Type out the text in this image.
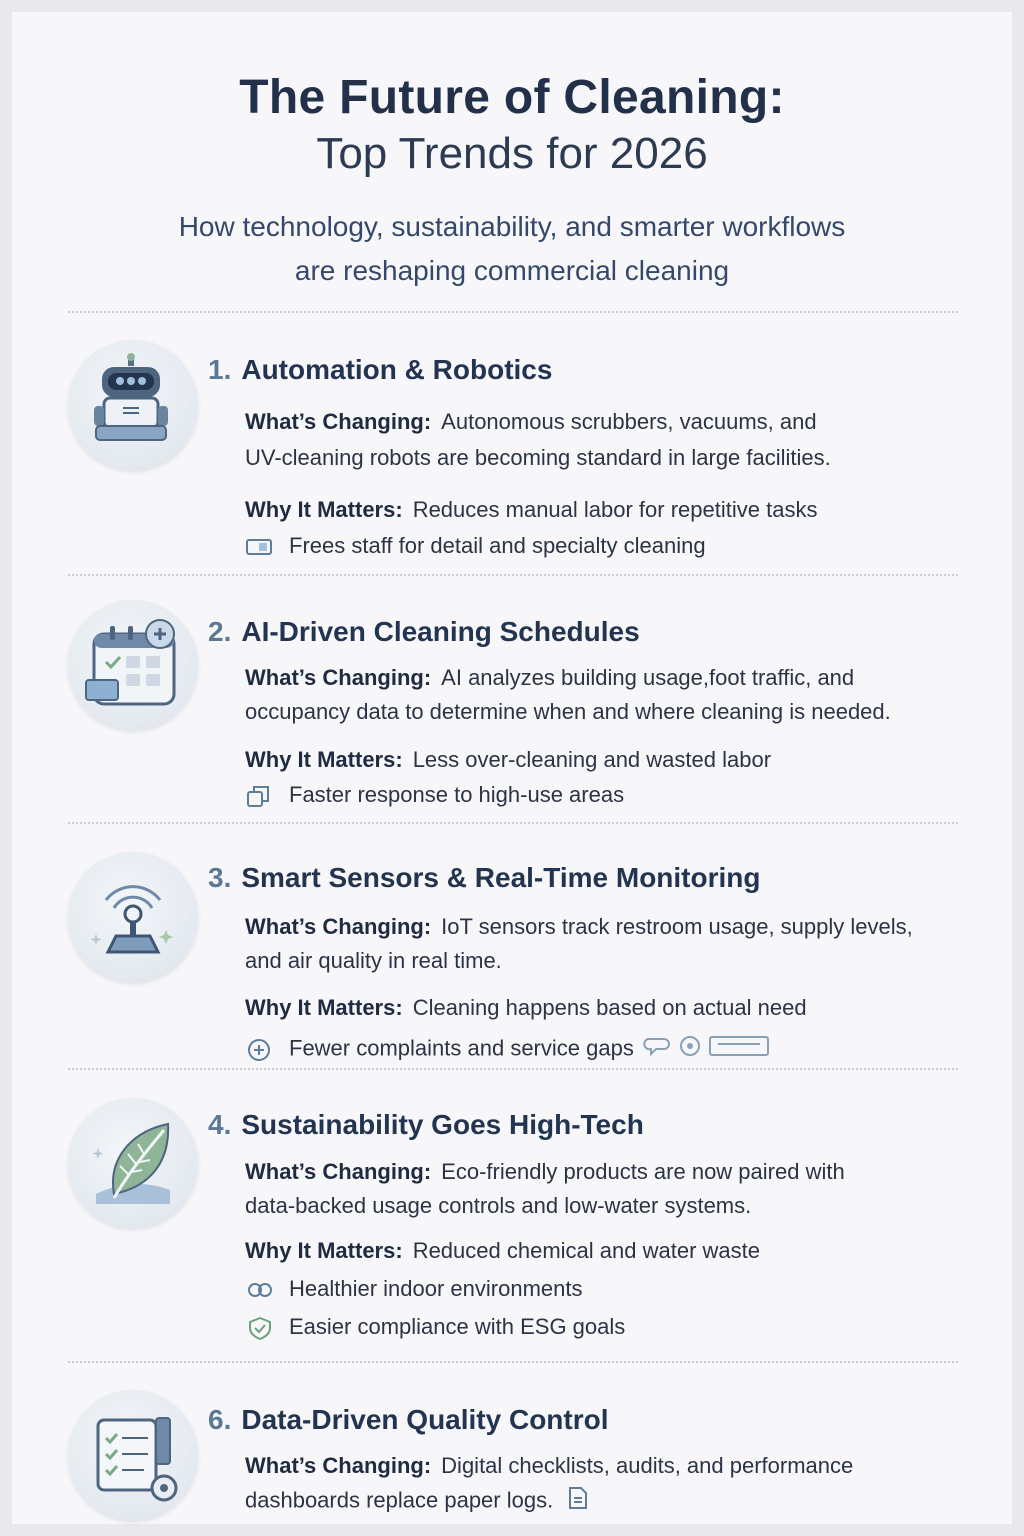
The Future of Cleaning:
Top Trends for 2026
How technology, sustainability, and smarter workflows
are reshaping commercial cleaning
1. Automation & Robotics
What’s Changing: Autonomous scrubbers, vacuums, and
UV-cleaning robots are becoming standard in large facilities.
Why It Matters: Reduces manual labor for repetitive tasks
Frees staff for detail and specialty cleaning
2. AI-Driven Cleaning Schedules
What’s Changing: AI analyzes building usage,foot traffic, and
occupancy data to determine when and where cleaning is needed.
Why It Matters: Less over-cleaning and wasted labor
Faster response to high-use areas
3. Smart Sensors & Real-Time Monitoring
What’s Changing: IoT sensors track restroom usage, supply levels,
and air quality in real time.
Why It Matters: Cleaning happens based on actual need
Fewer complaints and service gaps
4. Sustainability Goes High-Tech
What’s Changing: Eco-friendly products are now paired with
data-backed usage controls and low-water systems.
Why It Matters: Reduced chemical and water waste
Healthier indoor environments
Easier compliance with ESG goals
6. Data-Driven Quality Control
What’s Changing: Digital checklists, audits, and performance
dashboards replace paper logs.
